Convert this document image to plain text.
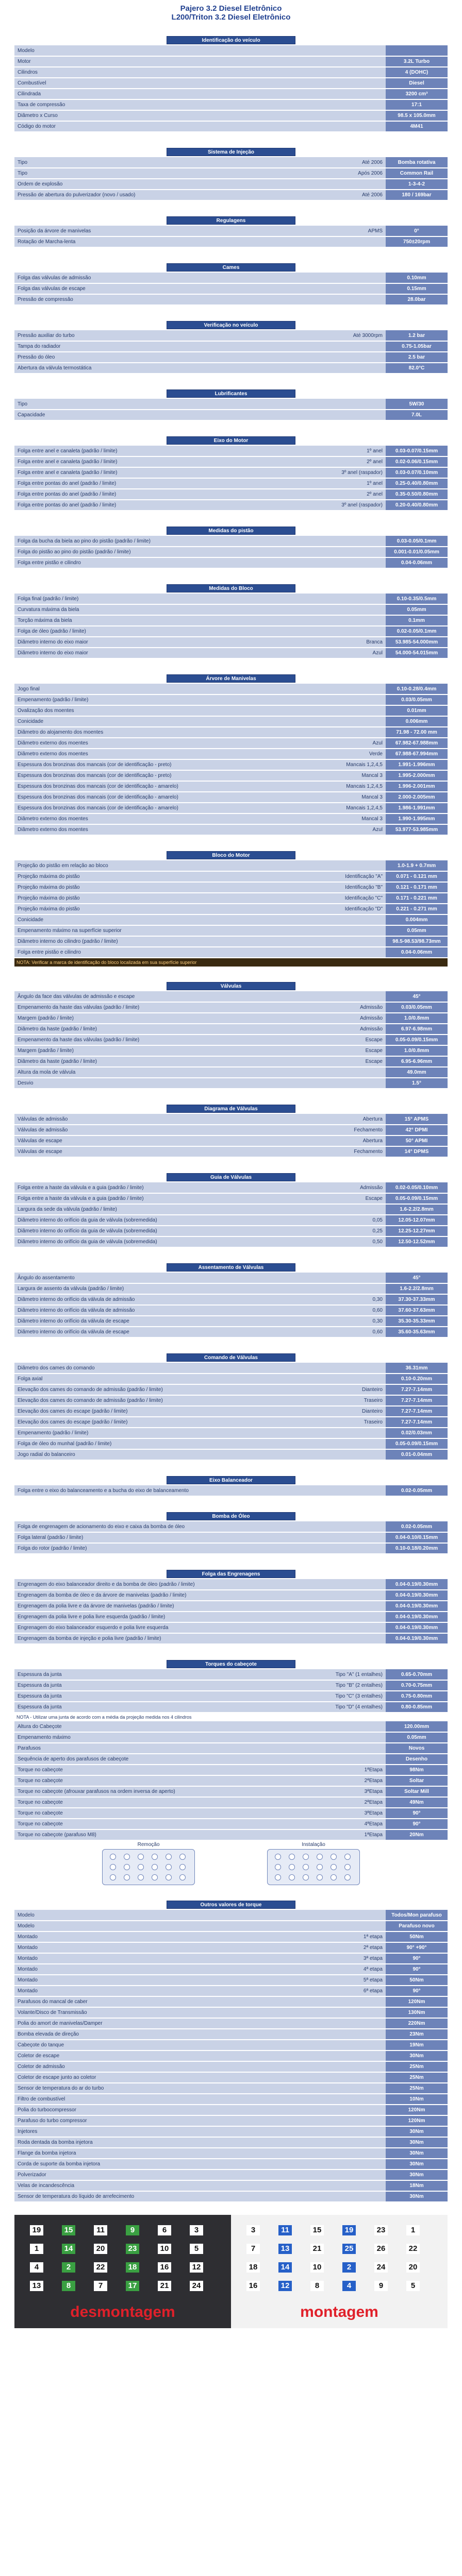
Pajero 3.2 Diesel Eletrônico
L200/Triton 3.2 Diesel Eletrônico
Identificação do veículo
Modelo		
Motor		3.2L Turbo
Cilindros		4 (DOHC)
Combustível		Diesel
Cilindrada		3200 cm³
Taxa de compressão		17:1
Diâmetro x Curso		98.5 x 105.0mm
Código do motor		4M41
Sistema de Injeção
Tipo	Até 2006	Bomba rotativa
Tipo	Após 2006	Common Rail
Ordem de explosão		1-3-4-2
Pressão de abertura do pulverizador (novo / usado)	Até 2006	180 / 169bar
Regulagens
Posição da árvore de manivelas	APMS	0°
Rotação de Marcha-lenta		750±20rpm
Cames
Folga das válvulas de admissão		0.10mm
Folga das válvulas de escape		0.15mm
Pressão de compressão		28.0bar
Verificação no veículo
Pressão auxiliar do turbo	Até 3000rpm	1.2 bar
Tampa do radiador		0.75-1.05bar
Pressão do óleo		2.5 bar
Abertura da válvula termostática		82.0°C
Lubrificantes
Tipo		5W/30
Capacidade		7.0L
Eixo do Motor
Folga entre anel e canaleta (padrão / limite)	1º anel	0.03-0.07/0.15mm
Folga entre anel e canaleta (padrão / limite)	2º anel	0.02-0.06/0.15mm
Folga entre anel e canaleta (padrão / limite)	3º anel (raspador)	0.03-0.07/0.10mm
Folga entre pontas do anel (padrão / limite)	1º anel	0.25-0.40/0.80mm
Folga entre pontas do anel (padrão / limite)	2º anel	0.35-0.50/0.80mm
Folga entre pontas do anel (padrão / limite)	3º anel (raspador)	0.20-0.40/0.80mm
Medidas do pistão
Folga da bucha da biela ao pino do pistão (padrão / limite)		0.03-0.05/0.1mm
Folga do pistão ao pino do pistão (padrão / limite)		0.001-0.01/0.05mm
Folga entre pistão e cilindro		0.04-0.06mm
Medidas do Bloco
Folga final (padrão / limite)		0.10-0.35/0.5mm
Curvatura máxima da biela		0.05mm
Torção máxima da biela		0.1mm
Folga de óleo (padrão / limite)		0.02-0.05/0.1mm
Diâmetro interno do eixo maior	Branca	53.985-54.000mm
Diâmetro interno do eixo maior	Azul	54.000-54.015mm
Árvore de Manivelas
Jogo final		0.10-0.28/0.4mm
Empenamento (padrão / limite)		0.03/0.05mm
Ovalização dos moentes		0.01mm
Conicidade		0.006mm
Diâmetro do alojamento dos moentes		71.98 - 72.00 mm
Diâmetro externo dos moentes	Azul	67.982-67.988mm
Diâmetro externo dos moentes	Verde	67.988-67.994mm
Espessura dos bronzinas dos mancais (cor de identificação - preto)	Mancais 1,2,4,5	1.991-1.996mm
Espessura dos bronzinas dos mancais (cor de identificação - preto)	Mancal 3	1.995-2.000mm
Espessura dos bronzinas dos mancais (cor de identificação - amarelo)	Mancais 1,2,4,5	1.996-2.001mm
Espessura dos bronzinas dos mancais (cor de identificação - amarelo)	Mancal 3	2.000-2.005mm
Espessura dos bronzinas dos mancais (cor de identificação - amarelo)	Mancais 1,2,4,5	1.986-1.991mm
Diâmetro externo dos moentes	Mancal 3	1.990-1.995mm
Diâmetro externo dos moentes	Azul	53.977-53.985mm
Bloco do Motor
Projeção do pistão em relação ao bloco		1.0-1.9 + 0.7mm
Projeção máxima do pistão	Identificação "A"	0.071 - 0.121 mm
Projeção máxima do pistão	Identificação "B"	0.121 - 0.171 mm
Projeção máxima do pistão	Identificação "C"	0.171 - 0.221 mm
Projeção máxima do pistão	Identificação "D"	0.221 - 0.271 mm
Conicidade		0.004mm
Empenamento máximo na superfície superior		0.05mm
Diâmetro interno do cilindro (padrão / limite)		98.5-98.53/98.73mm
Folga entre pistão e cilindro		0.04-0.06mm
NOTA: Verificar a marca de identificação do bloco localizada em sua superfície superior
Válvulas
Ângulo da face das válvulas de admissão e escape		45°
Empenamento da haste das válvulas (padrão / limite)	Admissão	0.03/0.05mm
Margem (padrão / limite)	Admissão	1.0/0.8mm
Diâmetro da haste (padrão / limite)	Admissão	6.97-6.98mm
Empenamento da haste das válvulas (padrão / limite)	Escape	0.05-0.09/0.15mm
Margem (padrão / limite)	Escape	1.0/0.8mm
Diâmetro da haste (padrão / limite)	Escape	6.95-6.96mm
Altura da mola de válvula		49.0mm
Desvio		1.5°
Diagrama de Válvulas
Válvulas de admissão	Abertura	15° APMS
Válvulas de admissão	Fechamento	42° DPMI
Válvulas de escape	Abertura	50° APMI
Válvulas de escape	Fechamento	14° DPMS
Guia de Válvulas
Folga entre a haste da válvula e a guia (padrão / limite)	Admissão	0.02-0.05/0.10mm
Folga entre a haste da válvula e a guia (padrão / limite)	Escape	0.05-0.09/0.15mm
Largura da sede da válvula (padrão / limite)		1.6-2.2/2.8mm
Diâmetro interno do orifício da guia de válvula (sobremedida)	0,05	12.05-12.07mm
Diâmetro interno do orifício da guia de válvula (sobremedida)	0,25	12.25-12.27mm
Diâmetro interno do orifício da guia de válvula (sobremedida)	0,50	12.50-12.52mm
Assentamento de Válvulas
Ângulo do assentamento		45°
Largura de assento da válvula (padrão / limite)		1.6-2.2/2.8mm
Diâmetro interno do orifício da válvula de admissão	0,30	37.30-37.33mm
Diâmetro interno do orifício da válvula de admissão	0,60	37.60-37.63mm
Diâmetro interno do orifício da válvula de escape	0,30	35.30-35.33mm
Diâmetro interno do orifício da válvula de escape	0,60	35.60-35.63mm
Comando de Válvulas
Diâmetro dos cames do comando		36.31mm
Folga axial		0.10-0.20mm
Elevação dos cames do comando de admissão (padrão / limite)	Dianteiro	7.27-7.14mm
Elevação dos cames do comando de admissão (padrão / limite)	Traseiro	7.27-7.14mm
Elevação dos cames do escape (padrão / limite)	Dianteiro	7.27-7.14mm
Elevação dos cames do escape (padrão / limite)	Traseiro	7.27-7.14mm
Empenamento (padrão / limite)		0.02/0.03mm
Folga de óleo do munhal (padrão / limite)		0.05-0.09/0.15mm
Jogo radial do balanceiro		0.01-0.04mm
Eixo Balanceador
Folga entre o eixo do balanceamento e a bucha do eixo de balanceamento		0.02-0.05mm
Bomba de Óleo
Folga de engrenagem de acionamento do eixo e caixa da bomba de óleo		0.02-0.05mm
Folga lateral (padrão / limite)		0.04-0.10/0.15mm
Folga do rotor (padrão / limite)		0.10-0.18/0.20mm
Folga das Engrenagens
Engrenagem do eixo balanceador direito e da bomba de óleo (padrão / limite)		0.04-0.19/0.30mm
Engrenagem da bomba de óleo e da árvore de manivelas (padrão / limite)		0.04-0.19/0.30mm
Engrenagem da polia livre e da árvore de manivelas (padrão / limite)		0.04-0.19/0.30mm
Engrenagem da polia livre e polia livre esquerda (padrão / limite)		0.04-0.19/0.30mm
Engrenagem do eixo balanceador esquerdo e polia livre esquerda		0.04-0.19/0.30mm
Engrenagem da bomba de injeção e polia livre (padrão / limite)		0.04-0.19/0.30mm
Torques do cabeçote
Espessura da junta	Tipo "A" (1 entalhes)	0.65-0.70mm
Espessura da junta	Tipo "B" (2 entalhes)	0.70-0.75mm
Espessura da junta	Tipo "C" (3 entalhes)	0.75-0.80mm
Espessura da junta	Tipo "D" (4 entalhes)	0.80-0.85mm
NOTA - Utilizar uma junta de acordo com a média da projeção medida nos 4 cilindros
Altura do Cabeçote		120.00mm
Empenamento máximo		0.05mm
Parafusos		Novos
Sequência de aperto dos parafusos de cabeçote		Desenho
Torque no cabeçote	1ªEtapa	98Nm
Torque no cabeçote	2ªEtapa	Soltar
Torque no cabeçote (afrouxar parafusos na ordem inversa de aperto)	3ªEtapa	Soltar Mill
Torque no cabeçote	2ªEtapa	49Nm
Torque no cabeçote	3ªEtapa	90°
Torque no cabeçote	4ªEtapa	90°
Torque no cabeçote (parafuso M8)	1ªEtapa	20Nm
Remoção	Instalação
Outros valores de torque
Modelo		Todos/Mon parafuso
Modelo		Parafuso novo
Montado	1ª etapa	50Nm
Montado	2ª etapa	90° +90°
Montado	3ª etapa	90°
Montado	4ª etapa	90°
Montado	5ª etapa	50Nm
Montado	6ª etapa	90°
Parafusos do mancal de caber		120Nm
Volante/Disco de Transmissão		130Nm
Polia do amort de manivelas/Damper		220Nm
Bomba elevada de direção		23Nm
Cabeçote do tanque		19Nm
Coletor de escape		30Nm
Coletor de admissão		25Nm
Coletor de escape junto ao coletor		25Nm
Sensor de temperatura do ar do turbo		25Nm
Filtro de combustível		10Nm
Polia do turbocompressor		120Nm
Parafuso do turbo compressor		120Nm
Injetores		30Nm
Roda dentada da bomba injetora		30Nm
Flange da bomba injetora		30Nm
Corda de suporte da bomba injetora		30Nm
Polverizador		30Nm
Velas de incandescência		18Nm
Sensor de temperatura do líquido de arrefecimento		30Nm
19	15	11	9	6	3
1	14	20	23	10	5
4	2	22	18	16	12
13	8	7	17	21	24
desmontagem
3	11	15	19	23	1
7	13	21	25	26	22
18	14	10	2	24	20
16	12	8	4	9	5
montagem
